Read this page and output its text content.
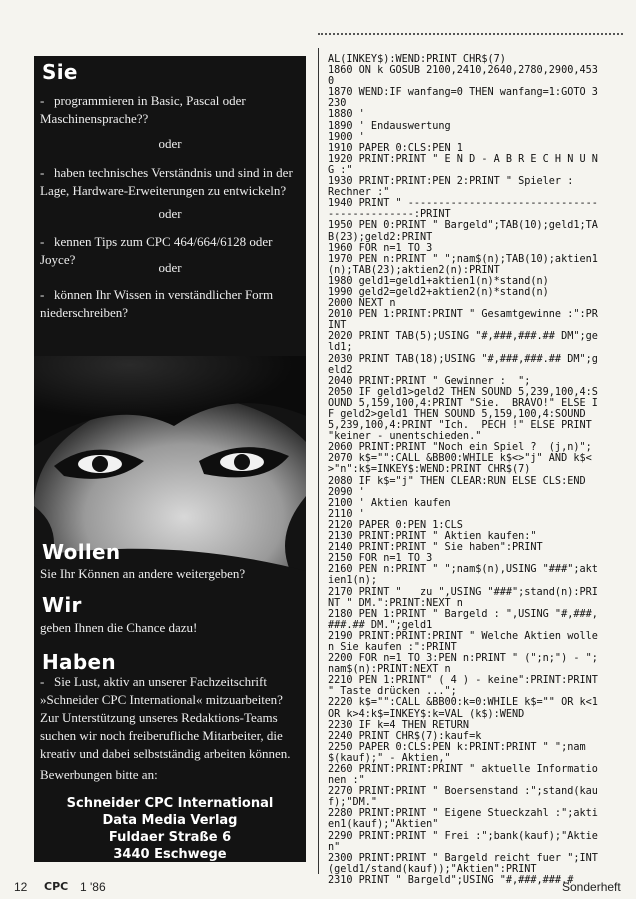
Sie
- programmieren in Basic, Pascal oder Maschinensprache??
oder
- haben technisches Verständnis und sind in der Lage, Hardware-Erweiterungen zu entwickeln?
oder
- kennen Tips zum CPC 464/664/6128 oder Joyce?
oder
- können Ihr Wissen in verständlicher Form niederschreiben?
Wollen
Sie Ihr Können an andere weitergeben?
Wir
geben Ihnen die Chance dazu!
Haben
- Sie Lust, aktiv an unserer Fachzeitschrift »Schneider CPC International« mitzuarbeiten? Zur Unterstützung unseres Redaktions-Teams suchen wir noch freiberufliche Mitarbeiter, die kreativ und dabei selbstständig arbeiten können.
Bewerbungen bitte an:
Schneider CPC International
Data Media Verlag
Fuldaer Straße 6
3440 Eschwege
AL(INKEY$):WEND:PRINT CHR$(7)
1860 ON k GOSUB 2100,2410,2640,2780,2900,4530
1870 WEND:IF wanfang=0 THEN wanfang=1:GOTO 3230
1880 '
1890 ' Endauswertung
1900 '
1910 PAPER 0:CLS:PEN 1
1920 PRINT:PRINT " E N D - A B R E C H N U N G :"
1930 PRINT:PRINT:PEN 2:PRINT " Spieler :    Rechner :"
1940 PRINT " ---------------------------------------------:PRINT
1950 PEN 0:PRINT " Bargeld";TAB(10);geld1;TAB(23);geld2:PRINT
1960 FOR n=1 TO 3
1970 PEN n:PRINT " ";nam$(n);TAB(10);aktien1(n);TAB(23);aktien2(n):PRINT
1980 geld1=geld1+aktien1(n)*stand(n)
1990 geld2=geld2+aktien2(n)*stand(n)
2000 NEXT n
2010 PEN 1:PRINT:PRINT " Gesamtgewinne :":PRINT
2020 PRINT TAB(5);USING "#,###,###.## DM";geld1;
2030 PRINT TAB(18);USING "#,###,###.## DM";geld2
2040 PRINT:PRINT " Gewinner :  ";
2050 IF geld1>geld2 THEN SOUND 5,239,100,4:SOUND 5,159,100,4:PRINT "Sie.  BRAVO!" ELSE IF geld2>geld1 THEN SOUND 5,159,100,4:SOUND 5,239,100,4:PRINT "Ich.  PECH !" ELSE PRINT "keiner - unentschieden."
2060 PRINT:PRINT "Noch ein Spiel ?  (j,n)";
2070 k$="":CALL &BB00:WHILE k$<>"j" AND k$<>"n":k$=INKEY$:WEND:PRINT CHR$(7)
2080 IF k$="j" THEN CLEAR:RUN ELSE CLS:END
2090 '
2100 ' Aktien kaufen
2110 '
2120 PAPER 0:PEN 1:CLS
2130 PRINT:PRINT " Aktien kaufen:"
2140 PRINT:PRINT " Sie haben":PRINT
2150 FOR n=1 TO 3
2160 PEN n:PRINT " ";nam$(n),USING "###";aktien1(n);
2170 PRINT "   zu ",USING "###";stand(n):PRINT " DM.":PRINT:NEXT n
2180 PEN 1:PRINT " Bargeld : ",USING "#,###,###.## DM.";geld1
2190 PRINT:PRINT:PRINT " Welche Aktien wollen Sie kaufen :":PRINT
2200 FOR n=1 TO 3:PEN n:PRINT " (";n;") - ";nam$(n):PRINT:NEXT n
2210 PEN 1:PRINT" ( 4 ) - keine":PRINT:PRINT " Taste drücken ...";
2220 k$="":CALL &BB00:k=0:WHILE k$="" OR k<1 OR k>4:k$=INKEY$:k=VAL (k$):WEND
2230 IF k=4 THEN RETURN
2240 PRINT CHR$(7):kauf=k
2250 PAPER 0:CLS:PEN k:PRINT:PRINT " ";nam$(kauf);" - Aktien,"
2260 PRINT:PRINT:PRINT " aktuelle Informationen :"
2270 PRINT:PRINT " Boersenstand :";stand(kauf);"DM."
2280 PRINT:PRINT " Eigene Stueckzahl :";aktien1(kauf);"Aktien"
2290 PRINT:PRINT " Frei :";bank(kauf);"Aktien"
2300 PRINT:PRINT " Bargeld reicht fuer ";INT(geld1/stand(kauf));"Aktien":PRINT
2310 PRINT " Bargeld";USING "#,###,###.#
12 CPC 1 '86	Sonderheft
